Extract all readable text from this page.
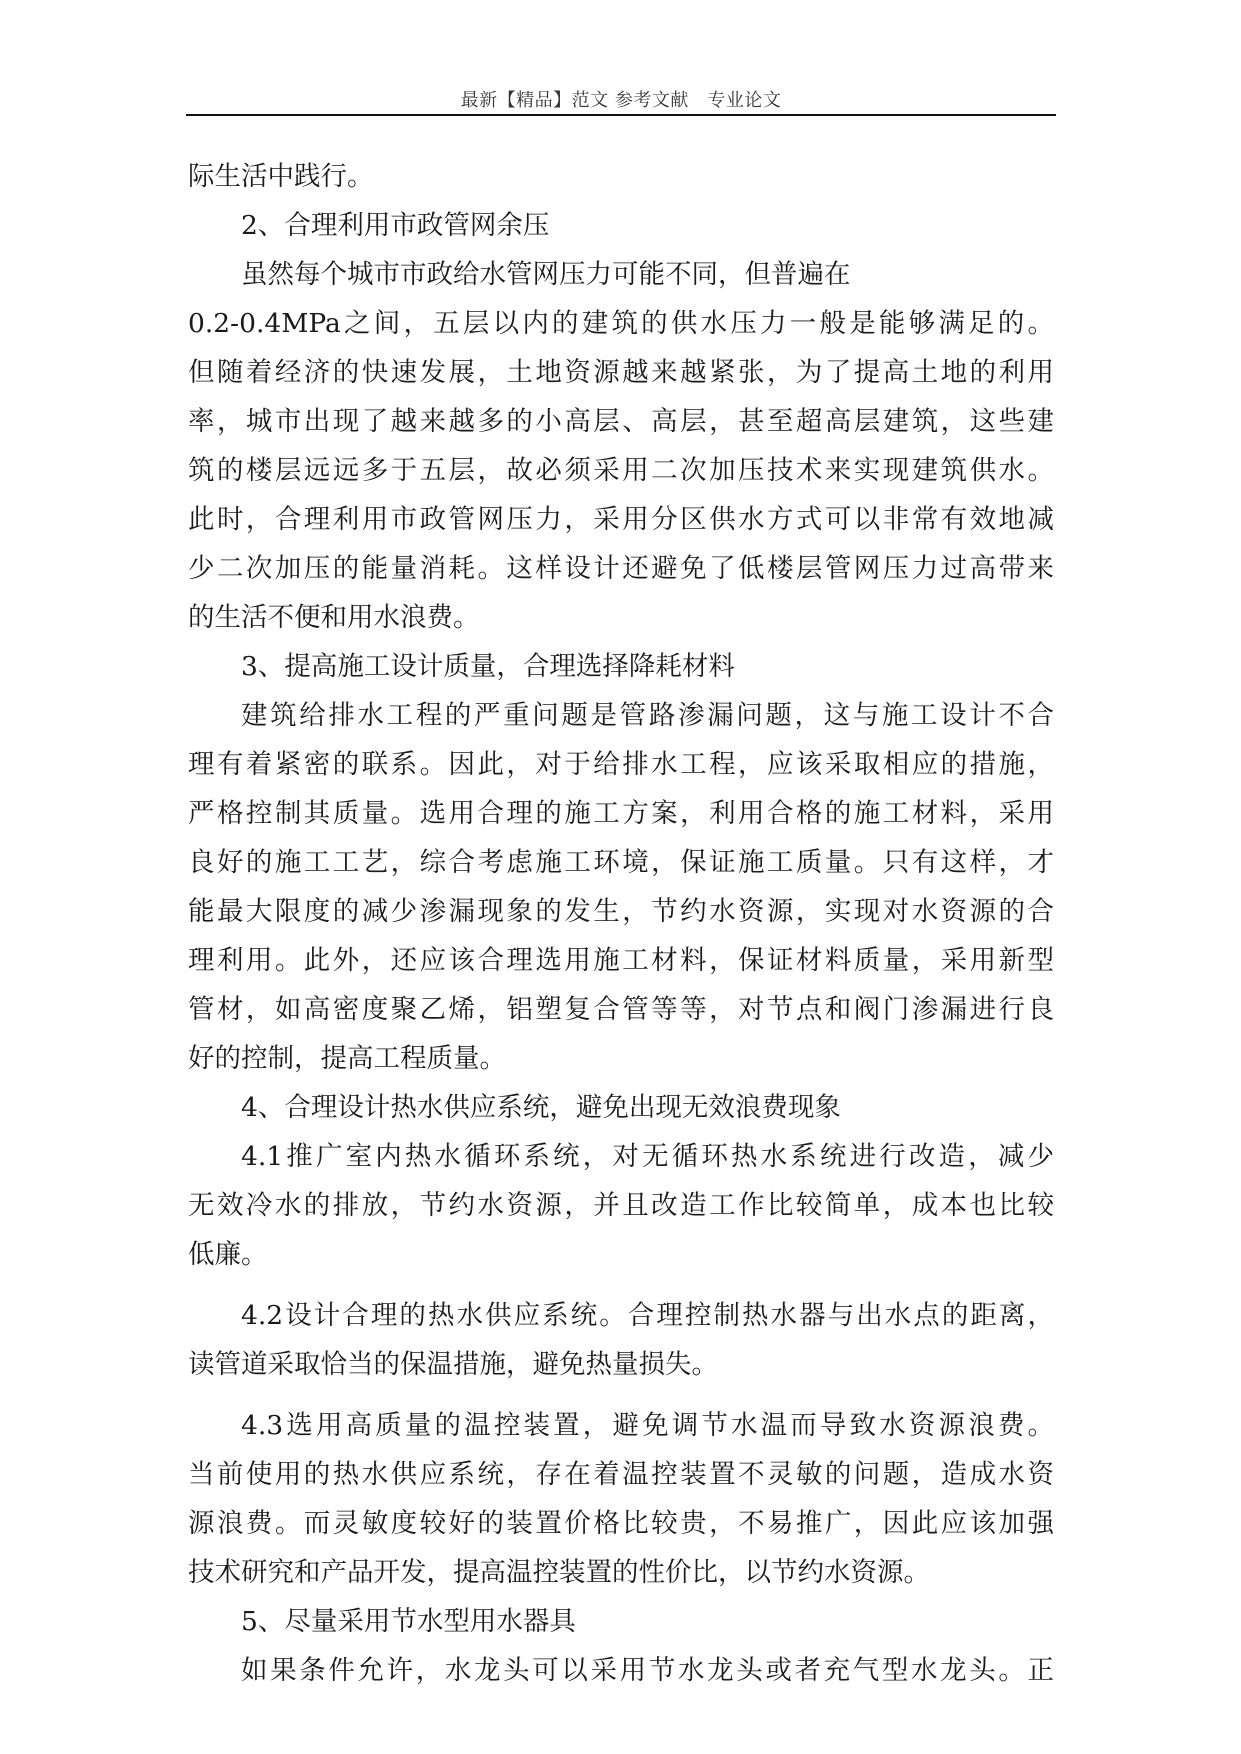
最新【精品】范文 参考文献　专业论文
际生活中践行。
2、合理利用市政管网余压
虽然每个城市市政给水管网压力可能不同，但普遍在
0.2-0.4MPa之间，五层以内的建筑的供水压力一般是能够满足的。
但随着经济的快速发展，土地资源越来越紧张，为了提高土地的利用
率，城市出现了越来越多的小高层、高层，甚至超高层建筑，这些建
筑的楼层远远多于五层，故必须采用二次加压技术来实现建筑供水。
此时，合理利用市政管网压力，采用分区供水方式可以非常有效地减
少二次加压的能量消耗。这样设计还避免了低楼层管网压力过高带来
的生活不便和用水浪费。
3、提高施工设计质量，合理选择降耗材料
建筑给排水工程的严重问题是管路渗漏问题，这与施工设计不合
理有着紧密的联系。因此，对于给排水工程，应该采取相应的措施，
严格控制其质量。选用合理的施工方案，利用合格的施工材料，采用
良好的施工工艺，综合考虑施工环境，保证施工质量。只有这样，才
能最大限度的减少渗漏现象的发生，节约水资源，实现对水资源的合
理利用。此外，还应该合理选用施工材料，保证材料质量，采用新型
管材，如高密度聚乙烯，铝塑复合管等等，对节点和阀门渗漏进行良
好的控制，提高工程质量。
4、合理设计热水供应系统，避免出现无效浪费现象
4.1推广室内热水循环系统，对无循环热水系统进行改造，减少
无效冷水的排放，节约水资源，并且改造工作比较简单，成本也比较
低廉。
4.2设计合理的热水供应系统。合理控制热水器与出水点的距离，
读管道采取恰当的保温措施，避免热量损失。
4.3选用高质量的温控装置，避免调节水温而导致水资源浪费。
当前使用的热水供应系统，存在着温控装置不灵敏的问题，造成水资
源浪费。而灵敏度较好的装置价格比较贵，不易推广，因此应该加强
技术研究和产品开发，提高温控装置的性价比，以节约水资源。
5、尽量采用节水型用水器具
如果条件允许，水龙头可以采用节水龙头或者充气型水龙头。正
